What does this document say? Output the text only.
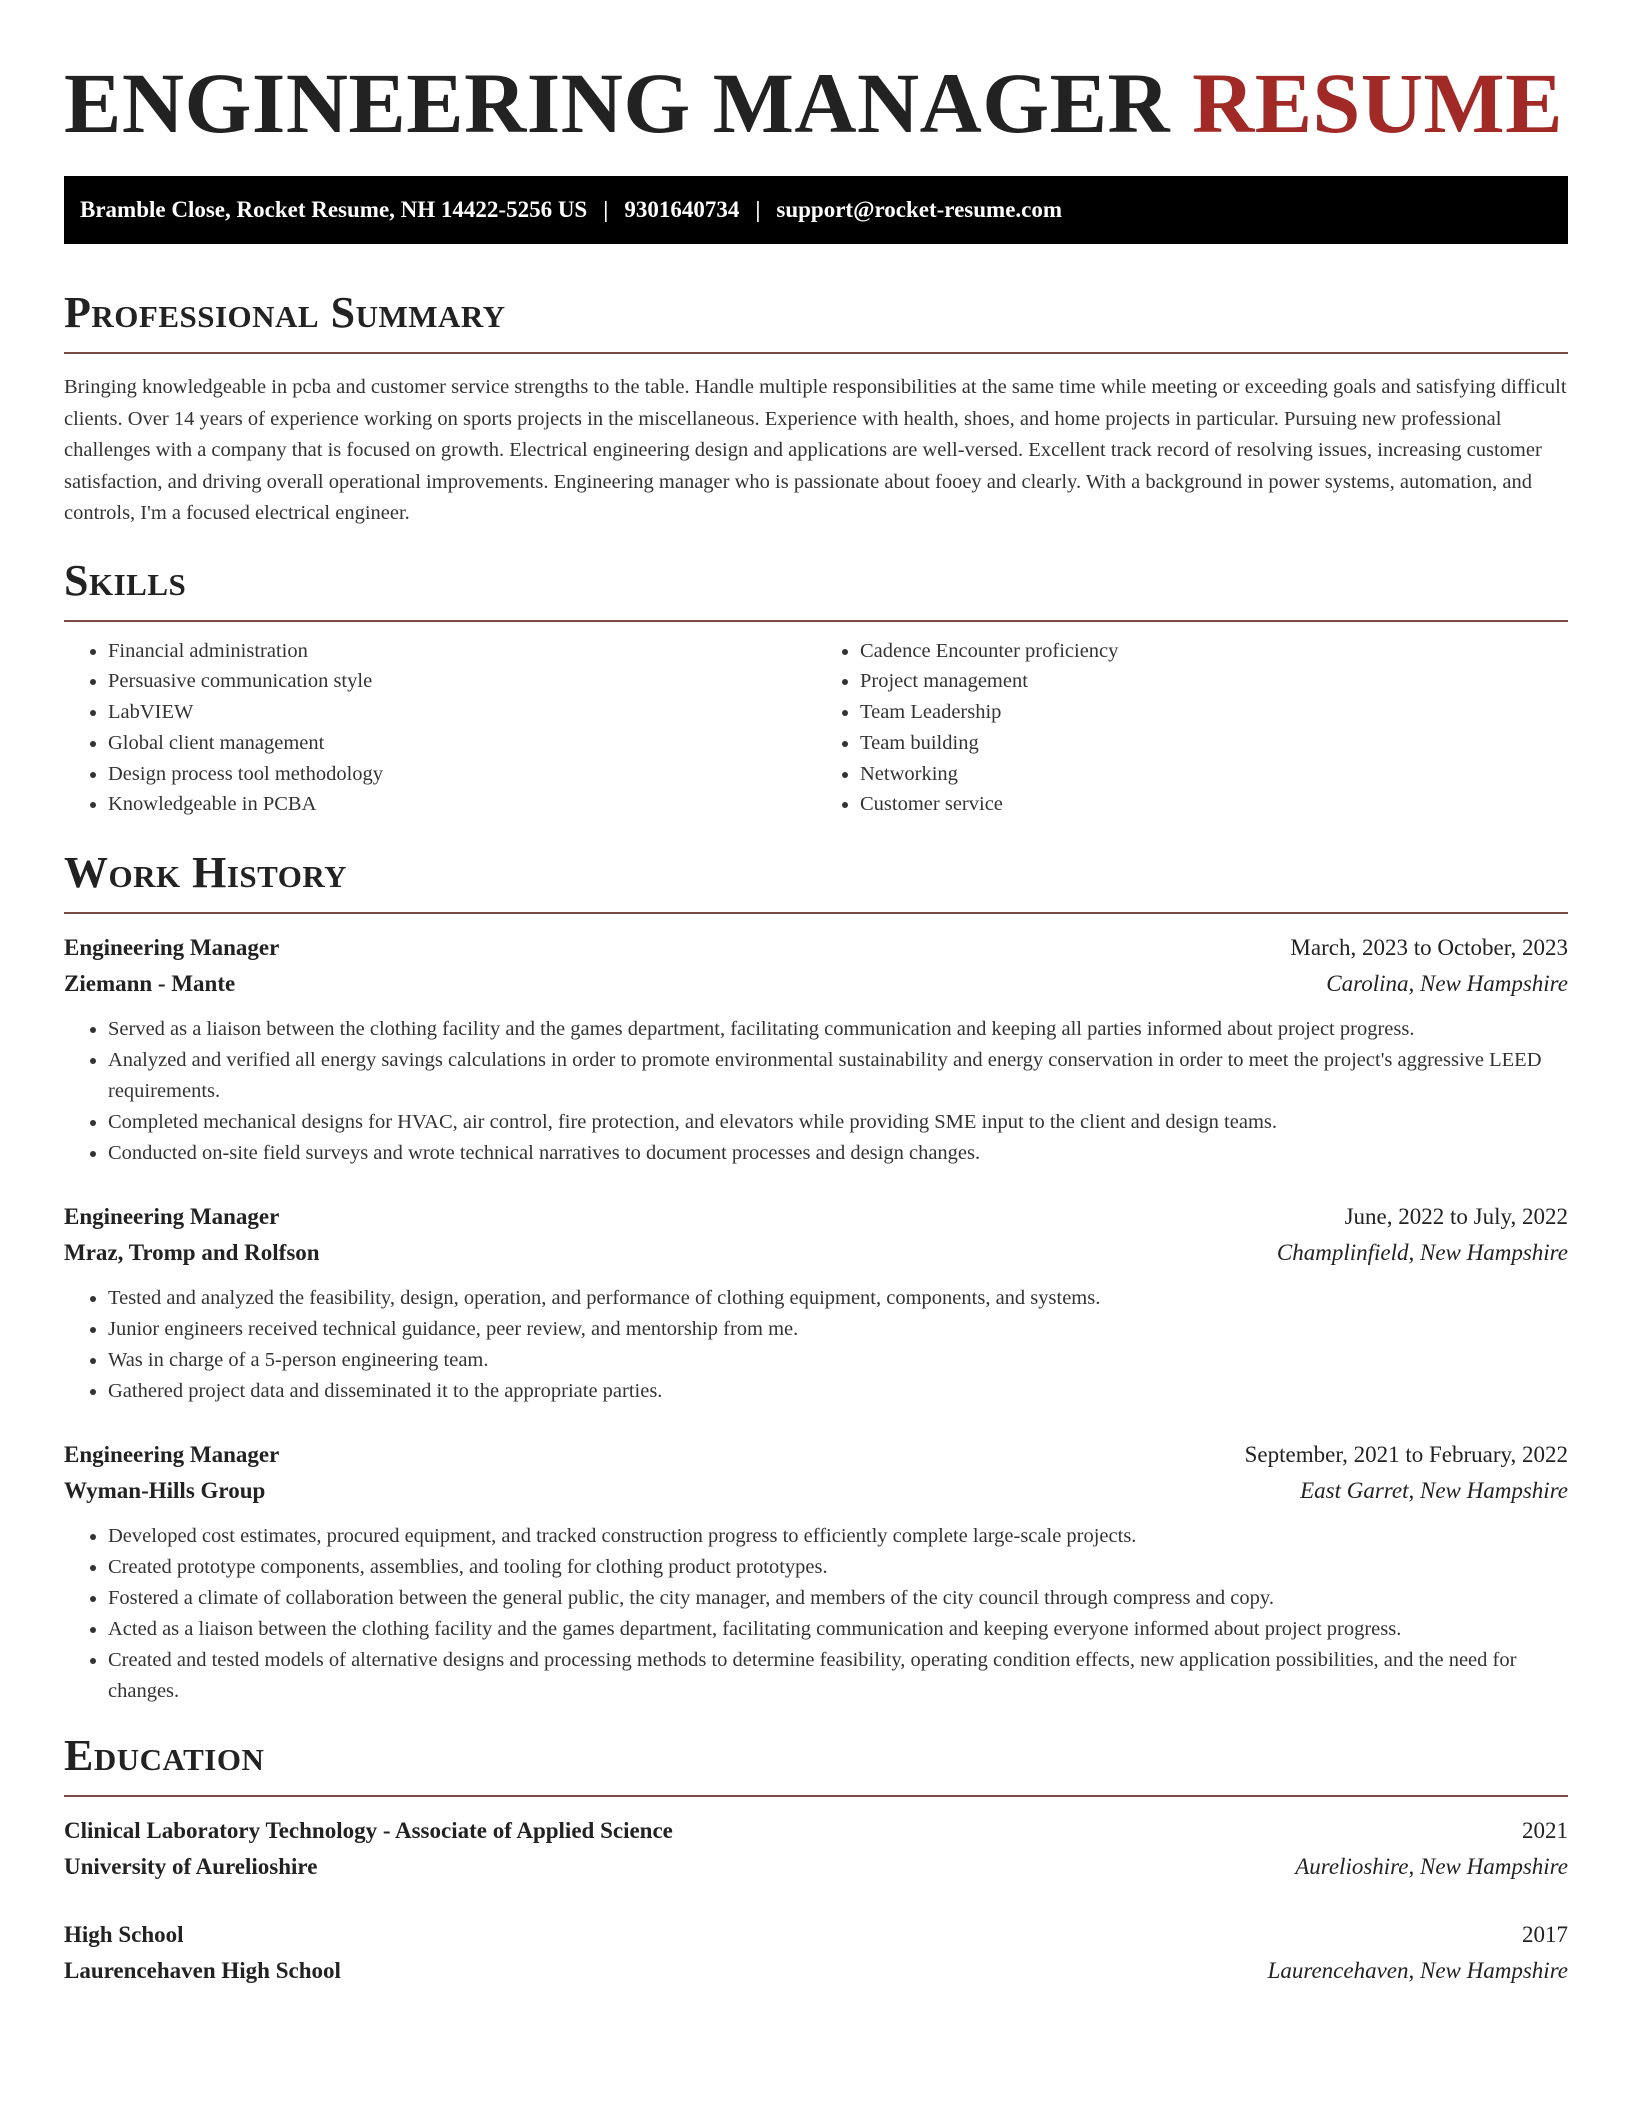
ENGINEERING MANAGER RESUME
Bramble Close, Rocket Resume, NH 14422-5256 US | 9301640734 | support@rocket-resume.com
Professional Summary

Bringing knowledgeable in pcba and customer service strengths to the table. Handle multiple responsibilities at the same time while meeting or exceeding goals and satisfying difficult clients. Over 14 years of experience working on sports projects in the miscellaneous. Experience with health, shoes, and home projects in particular. Pursuing new professional challenges with a company that is focused on growth. Electrical engineering design and applications are well-versed. Excellent track record of resolving issues, increasing customer satisfaction, and driving overall operational improvements. Engineering manager who is passionate about fooey and clearly. With a background in power systems, automation, and controls, I'm a focused electrical engineer.

Skills
• Financial administration
• Persuasive communication style
• LabVIEW
• Global client management
• Design process tool methodology
• Knowledgeable in PCBA
• Cadence Encounter proficiency
• Project management
• Team Leadership
• Team building
• Networking
• Customer service
Work History
Engineering Manager	March, 2023 to October, 2023
Ziemann - Mante	Carolina, New Hampshire
• Served as a liaison between the clothing facility and the games department, facilitating communication and keeping all parties informed about project progress.
• Analyzed and verified all energy savings calculations in order to promote environmental sustainability and energy conservation in order to meet the project's aggressive LEED requirements.
• Completed mechanical designs for HVAC, air control, fire protection, and elevators while providing SME input to the client and design teams.
• Conducted on-site field surveys and wrote technical narratives to document processes and design changes.
Engineering Manager	June, 2022 to July, 2022
Mraz, Tromp and Rolfson	Champlinfield, New Hampshire
• Tested and analyzed the feasibility, design, operation, and performance of clothing equipment, components, and systems.
• Junior engineers received technical guidance, peer review, and mentorship from me.
• Was in charge of a 5-person engineering team.
• Gathered project data and disseminated it to the appropriate parties.
Engineering Manager	September, 2021 to February, 2022
Wyman-Hills Group	East Garret, New Hampshire
• Developed cost estimates, procured equipment, and tracked construction progress to efficiently complete large-scale projects.
• Created prototype components, assemblies, and tooling for clothing product prototypes.
• Fostered a climate of collaboration between the general public, the city manager, and members of the city council through compress and copy.
• Acted as a liaison between the clothing facility and the games department, facilitating communication and keeping everyone informed about project progress.
• Created and tested models of alternative designs and processing methods to determine feasibility, operating condition effects, new application possibilities, and the need for changes.
Education
Clinical Laboratory Technology - Associate of Applied Science	2021
University of Aurelioshire	Aurelioshire, New Hampshire
High School	2017
Laurencehaven High School	Laurencehaven, New Hampshire
